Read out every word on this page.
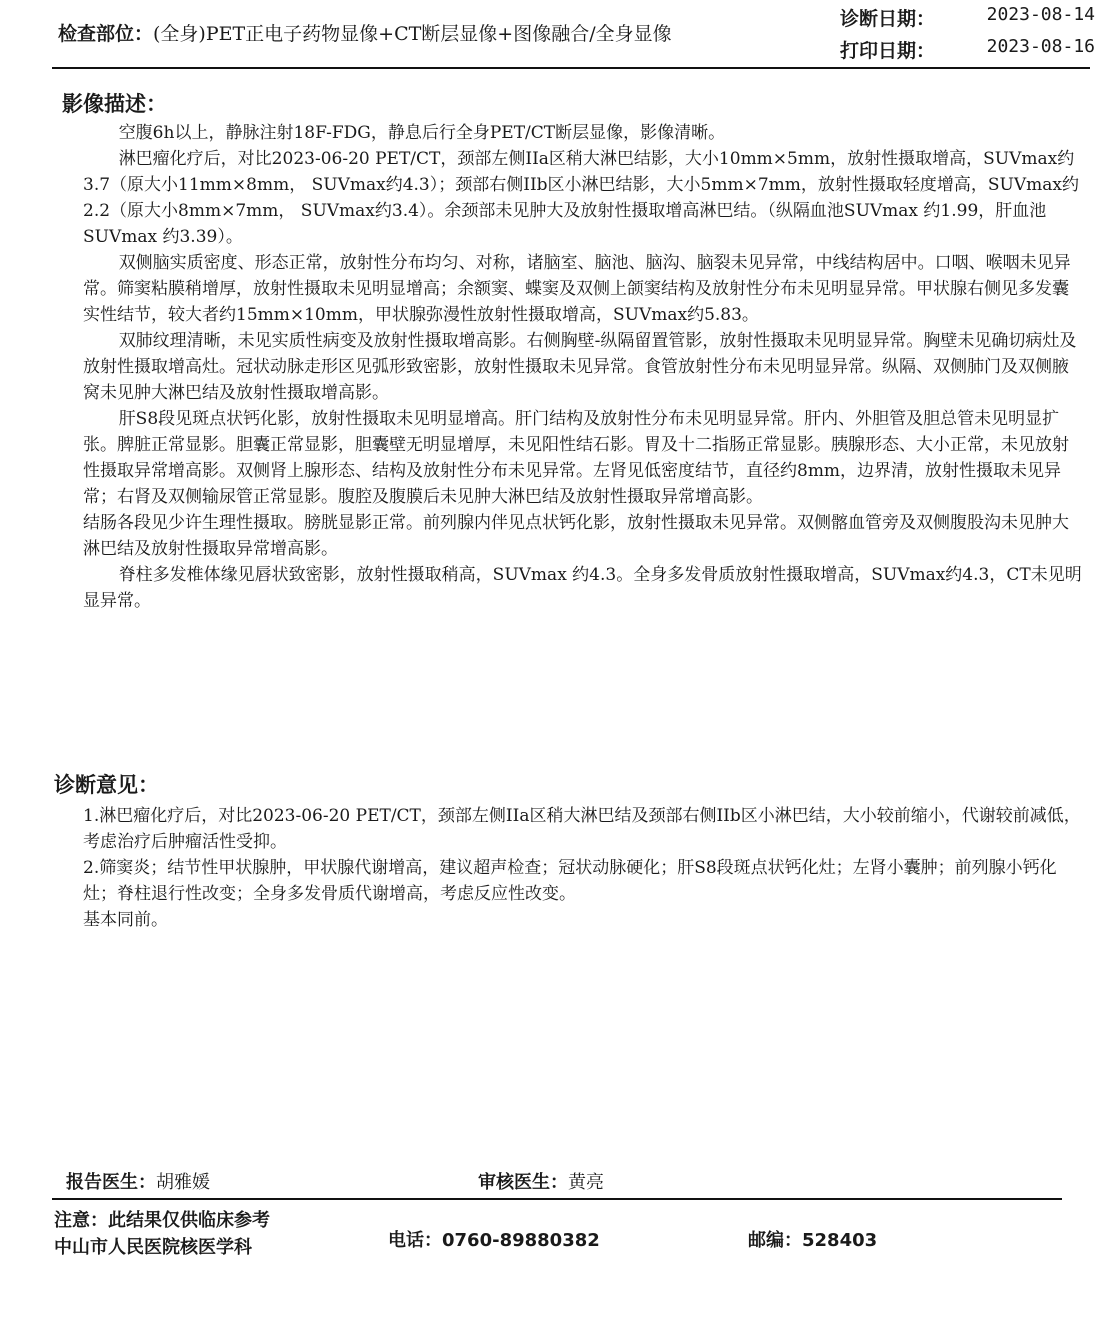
检查部位：(全身)PET正电子药物显像+CT断层显像+图像融合/全身显像
诊断日期：	2023-08-14
打印日期：	2023-08-16
影像描述：

空腹6h以上，静脉注射18F-FDG，静息后行全身PET/CT断层显像，影像清晰。

淋巴瘤化疗后，对比2023-06-20 PET/CT，颈部左侧IIa区稍大淋巴结影，大小10mm×5mm，放射性摄取增高，SUVmax约3.7（原大小11mm×8mm， SUVmax约4.3）；颈部右侧IIb区小淋巴结影，大小5mm×7mm，放射性摄取轻度增高，SUVmax约2.2（原大小8mm×7mm， SUVmax约3.4）。余颈部未见肿大及放射性摄取增高淋巴结。（纵隔血池SUVmax 约1.99，肝血池SUVmax 约3.39）。

双侧脑实质密度、形态正常，放射性分布均匀、对称，诸脑室、脑池、脑沟、脑裂未见异常，中线结构居中。口咽、喉咽未见异常。筛窦粘膜稍增厚，放射性摄取未见明显增高；余额窦、蝶窦及双侧上颌窦结构及放射性分布未见明显异常。甲状腺右侧见多发囊实性结节，较大者约15mm×10mm，甲状腺弥漫性放射性摄取增高，SUVmax约5.83。

双肺纹理清晰，未见实质性病变及放射性摄取增高影。右侧胸壁-纵隔留置管影，放射性摄取未见明显异常。胸壁未见确切病灶及放射性摄取增高灶。冠状动脉走形区见弧形致密影，放射性摄取未见异常。食管放射性分布未见明显异常。纵隔、双侧肺门及双侧腋窝未见肿大淋巴结及放射性摄取增高影。

肝S8段见斑点状钙化影，放射性摄取未见明显增高。肝门结构及放射性分布未见明显异常。肝内、外胆管及胆总管未见明显扩张。脾脏正常显影。胆囊正常显影，胆囊壁无明显增厚，未见阳性结石影。胃及十二指肠正常显影。胰腺形态、大小正常，未见放射性摄取异常增高影。双侧肾上腺形态、结构及放射性分布未见异常。左肾见低密度结节，直径约8mm，边界清，放射性摄取未见异常；右肾及双侧输尿管正常显影。腹腔及腹膜后未见肿大淋巴结及放射性摄取异常增高影。

结肠各段见少许生理性摄取。膀胱显影正常。前列腺内伴见点状钙化影，放射性摄取未见异常。双侧髂血管旁及双侧腹股沟未见肿大淋巴结及放射性摄取异常增高影。

脊柱多发椎体缘见唇状致密影，放射性摄取稍高，SUVmax 约4.3。全身多发骨质放射性摄取增高，SUVmax约4.3，CT未见明显异常。

诊断意见：

1.淋巴瘤化疗后，对比2023-06-20 PET/CT，颈部左侧IIa区稍大淋巴结及颈部右侧IIb区小淋巴结，大小较前缩小，代谢较前减低，考虑治疗后肿瘤活性受抑。

2.筛窦炎；结节性甲状腺肿，甲状腺代谢增高，建议超声检查；冠状动脉硬化；肝S8段斑点状钙化灶；左肾小囊肿；前列腺小钙化灶；脊柱退行性改变；全身多发骨质代谢增高，考虑反应性改变。

基本同前。

报告医生：胡雅媛	审核医生：黄亮
注意：此结果仅供临床参考
中山市人民医院核医学科	电话：0760-89880382	邮编：528403
